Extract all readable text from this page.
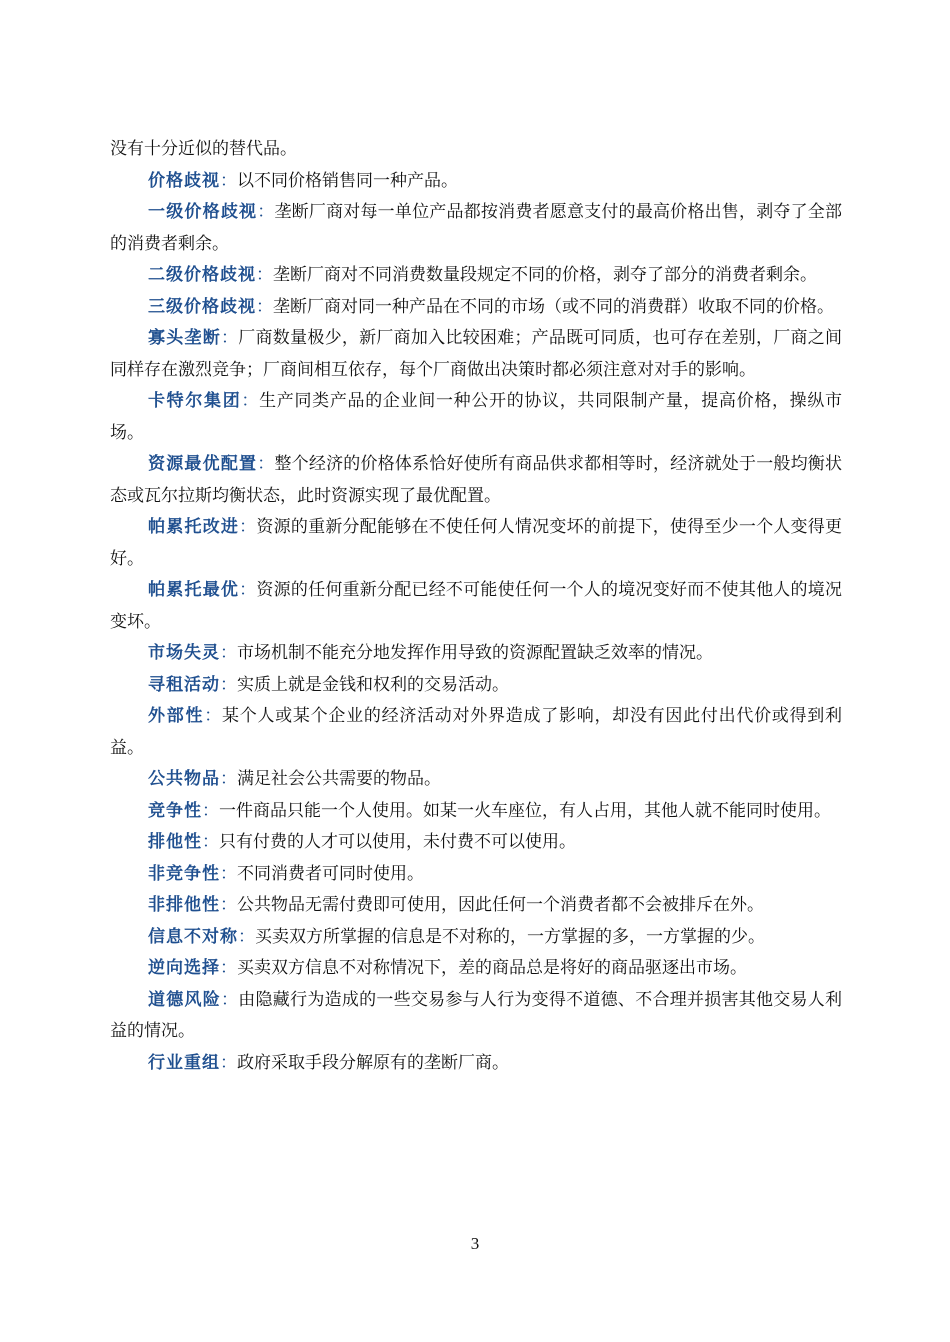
没有十分近似的替代品。

价格歧视：以不同价格销售同一种产品。

一级价格歧视：垄断厂商对每一单位产品都按消费者愿意支付的最高价格出售，剥夺了全部的消费者剩余。

二级价格歧视：垄断厂商对不同消费数量段规定不同的价格，剥夺了部分的消费者剩余。

三级价格歧视：垄断厂商对同一种产品在不同的市场（或不同的消费群）收取不同的价格。

寡头垄断：厂商数量极少，新厂商加入比较困难；产品既可同质，也可存在差别，厂商之间同样存在激烈竞争；厂商间相互依存，每个厂商做出决策时都必须注意对对手的影响。

卡特尔集团：生产同类产品的企业间一种公开的协议，共同限制产量，提高价格，操纵市场。

资源最优配置：整个经济的价格体系恰好使所有商品供求都相等时，经济就处于一般均衡状态或瓦尔拉斯均衡状态，此时资源实现了最优配置。

帕累托改进：资源的重新分配能够在不使任何人情况变坏的前提下，使得至少一个人变得更好。

帕累托最优：资源的任何重新分配已经不可能使任何一个人的境况变好而不使其他人的境况变坏。

市场失灵：市场机制不能充分地发挥作用导致的资源配置缺乏效率的情况。

寻租活动：实质上就是金钱和权利的交易活动。

外部性：某个人或某个企业的经济活动对外界造成了影响，却没有因此付出代价或得到利益。

公共物品：满足社会公共需要的物品。

竞争性：一件商品只能一个人使用。如某一火车座位，有人占用，其他人就不能同时使用。

排他性：只有付费的人才可以使用，未付费不可以使用。

非竞争性：不同消费者可同时使用。

非排他性：公共物品无需付费即可使用，因此任何一个消费者都不会被排斥在外。

信息不对称：买卖双方所掌握的信息是不对称的，一方掌握的多，一方掌握的少。

逆向选择：买卖双方信息不对称情况下，差的商品总是将好的商品驱逐出市场。

道德风险：由隐藏行为造成的一些交易参与人行为变得不道德、不合理并损害其他交易人利益的情况。

行业重组：政府采取手段分解原有的垄断厂商。

3
